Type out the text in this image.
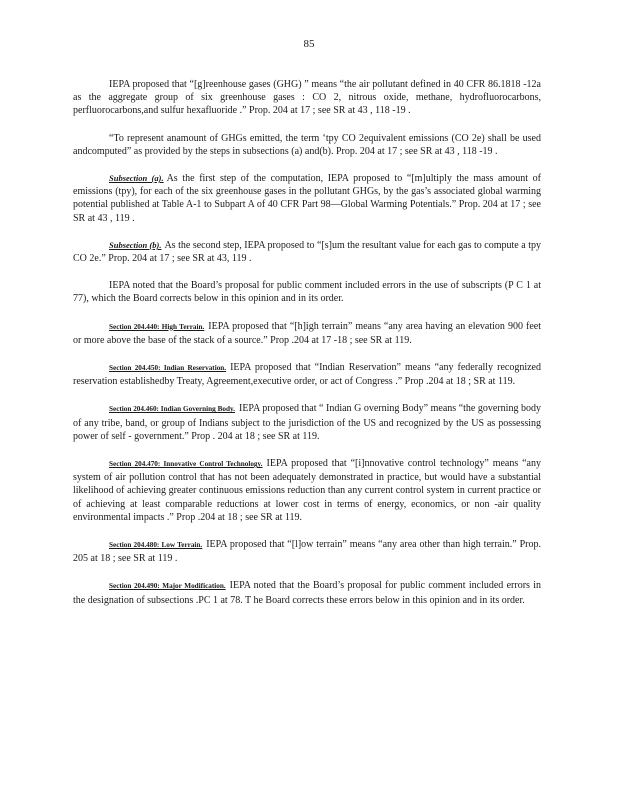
85

IEPA proposed that “[g]reenhouse gases (GHG) ” means “the air pollutant defined in 40 CFR 86.1818 -12a as the aggregate group of six greenhouse gases : CO 2, nitrous oxide, methane, hydrofluorocarbons, perfluorocarbons,and sulfur hexafluoride .” Prop. 204 at 17 ; see SR at 43 , 118 -19 .

“To represent anamount of GHGs emitted, the term ‘tpy CO 2equivalent emissions (CO 2e) shall be used andcomputed” as provided by the steps in subsections (a) and(b). Prop. 204 at 17 ; see SR at 43 , 118 -19 .

Subsection (a). As the first step of the computation, IEPA proposed to “[m]ultiply the mass amount of emissions (tpy), for each of the six greenhouse gases in the pollutant GHGs, by the gas’s associated global warming potential published at Table A-1 to Subpart A of 40 CFR Part 98—Global Warming Potentials.” Prop. 204 at 17 ; see SR at 43 , 119 .

Subsection (b). As the second step, IEPA proposed to “[s]um the resultant value for each gas to compute a tpy CO 2e.” Prop. 204 at 17 ; see SR at 43, 119 .

IEPA noted that the Board’s proposal for public comment included errors in the use of subscripts (P C 1 at 77), which the Board corrects below in this opinion and in its order.

Section 204.440: High Terrain. IEPA proposed that “[h]igh terrain” means “any area having an elevation 900 feet or more above the base of the stack of a source.” Prop .204 at 17 -18 ; see SR at 119.

Section 204.450: Indian Reservation. IEPA proposed that “Indian Reservation” means “any federally recognized reservation establishedby Treaty, Agreement,executive order, or act of Congress .” Prop .204 at 18 ; SR at 119.

Section 204.460: Indian Governing Body. IEPA proposed that “ Indian G overning Body” means “the governing body of any tribe, band, or group of Indians subject to the jurisdiction of the US and recognized by the US as possessing power of self - government.” Prop . 204 at 18 ; see SR at 119.

Section 204.470: Innovative Control Technology. IEPA proposed that “[i]nnovative control technology” means “any system of air pollution control that has not been adequately demonstrated in practice, but would have a substantial likelihood of achieving greater continuous emissions reduction than any current control system in current practice or of achieving at least comparable reductions at lower cost in terms of energy, economics, or non -air quality environmental impacts .” Prop .204 at 18 ; see SR at 119.

Section 204.480: Low Terrain. IEPA proposed that “[l]ow terrain” means “any area other than high terrain.” Prop. 205 at 18 ; see SR at 119 .

Section 204.490: Major Modification. IEPA noted that the Board’s proposal for public comment included errors in the designation of subsections .PC 1 at 78. T he Board corrects these errors below in this opinion and in its order.
